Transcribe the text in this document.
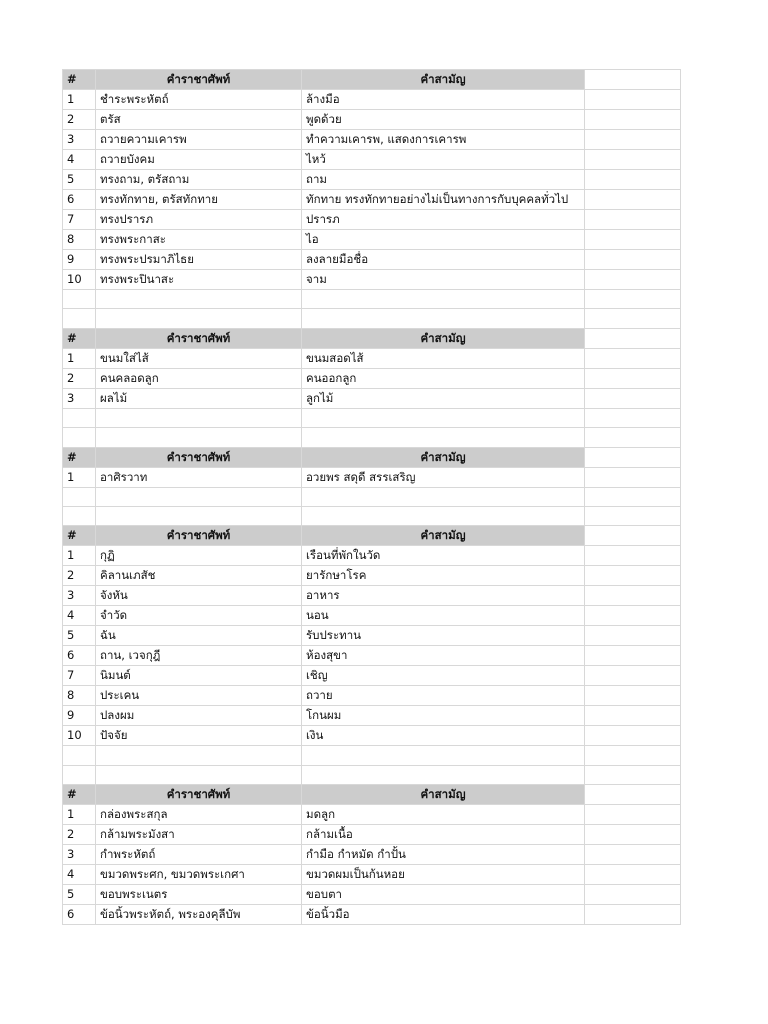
#	คำราชาศัพท์	คำสามัญ	
1	ชำระพระหัตถ์	ล้างมือ	
2	ตรัส	พูดด้วย	
3	ถวายความเคารพ	ทำความเคารพ, แสดงการเคารพ	
4	ถวายบังคม	ไหว้	
5	ทรงถาม, ตรัสถาม	ถาม	
6	ทรงทักทาย, ตรัสทักทาย	ทักทาย ทรงทักทายอย่างไม่เป็นทางการกับบุคคลทั่วไป	
7	ทรงปรารภ	ปรารภ	
8	ทรงพระกาสะ	ไอ	
9	ทรงพระปรมาภิไธย	ลงลายมือชื่อ	
10	ทรงพระปินาสะ	จาม	

#	คำราชาศัพท์	คำสามัญ	
1	ขนมใส่ไส้	ขนมสอดไส้	
2	คนคลอดลูก	คนออกลูก	
3	ผลไม้	ลูกไม้	

#	คำราชาศัพท์	คำสามัญ	
1	อาศิรวาท	อวยพร สดุดี สรรเสริญ	

#	คำราชาศัพท์	คำสามัญ	
1	กุฏิ	เรือนที่พักในวัด	
2	คิลานเภสัช	ยารักษาโรค	
3	จังหัน	อาหาร	
4	จำวัด	นอน	
5	ฉัน	รับประทาน	
6	ถาน, เวจกุฎี	ห้องสุขา	
7	นิมนต์	เชิญ	
8	ประเคน	ถวาย	
9	ปลงผม	โกนผม	
10	ปัจจัย	เงิน	

#	คำราชาศัพท์	คำสามัญ	
1	กล่องพระสกุล	มดลูก	
2	กล้ามพระมังสา	กล้ามเนื้อ	
3	กำพระหัตถ์	กำมือ กำหมัด กำปั้น	
4	ขมวดพระศก, ขมวดพระเกศา	ขมวดผมเป็นก้นหอย	
5	ขอบพระเนตร	ขอบตา	
6	ข้อนิ้วพระหัตถ์, พระองคุลีบัพ	ข้อนิ้วมือ	
